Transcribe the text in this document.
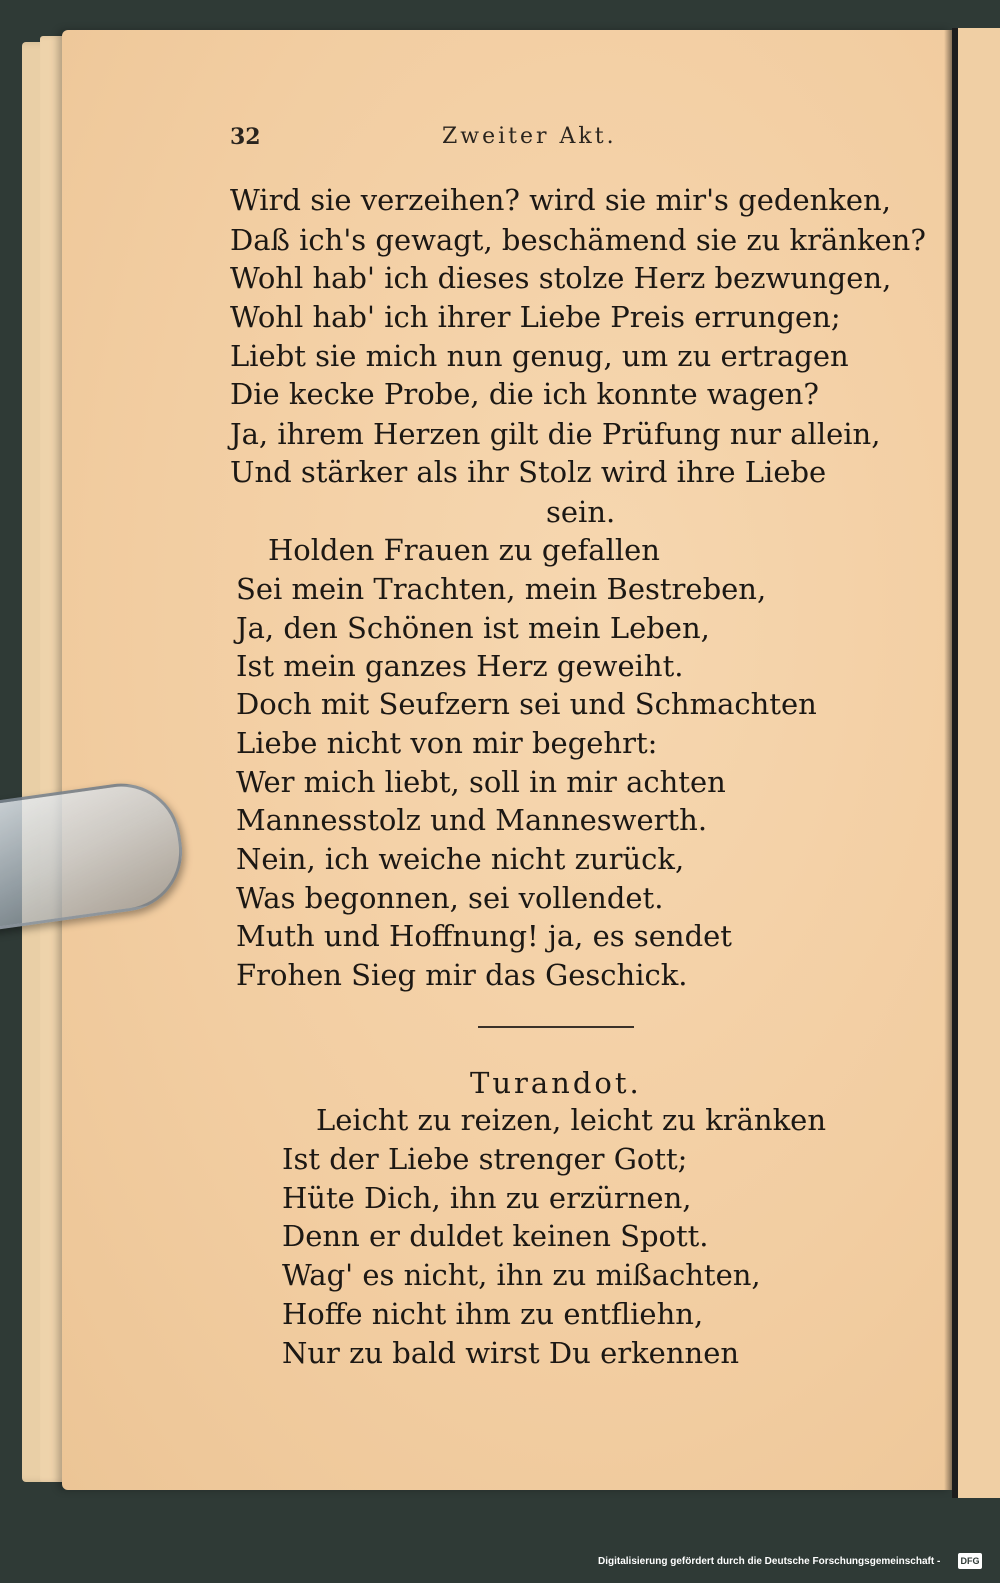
32	Zweiter Akt.
Wird sie verzeihen? wird sie mir's gedenken,
Daß ich's gewagt, beschämend sie zu kränken?
Wohl hab' ich dieses stolze Herz bezwungen,
Wohl hab' ich ihrer Liebe Preis errungen;
Liebt sie mich nun genug, um zu ertragen
Die kecke Probe, die ich konnte wagen?
Ja, ihrem Herzen gilt die Prüfung nur allein,
Und stärker als ihr Stolz wird ihre Liebe
sein.
Holden Frauen zu gefallen
Sei mein Trachten, mein Bestreben,
Ja, den Schönen ist mein Leben,
Ist mein ganzes Herz geweiht.
Doch mit Seufzern sei und Schmachten
Liebe nicht von mir begehrt:
Wer mich liebt, soll in mir achten
Mannesstolz und Manneswerth.
Nein, ich weiche nicht zurück,
Was begonnen, sei vollendet.
Muth und Hoffnung! ja, es sendet
Frohen Sieg mir das Geschick.
Turandot.
Leicht zu reizen, leicht zu kränken
Ist der Liebe strenger Gott;
Hüte Dich, ihn zu erzürnen,
Denn er duldet keinen Spott.
Wag' es nicht, ihn zu mißachten,
Hoffe nicht ihm zu entfliehn,
Nur zu bald wirst Du erkennen
Digitalisierung gefördert durch die Deutsche Forschungsgemeinschaft - DFG
